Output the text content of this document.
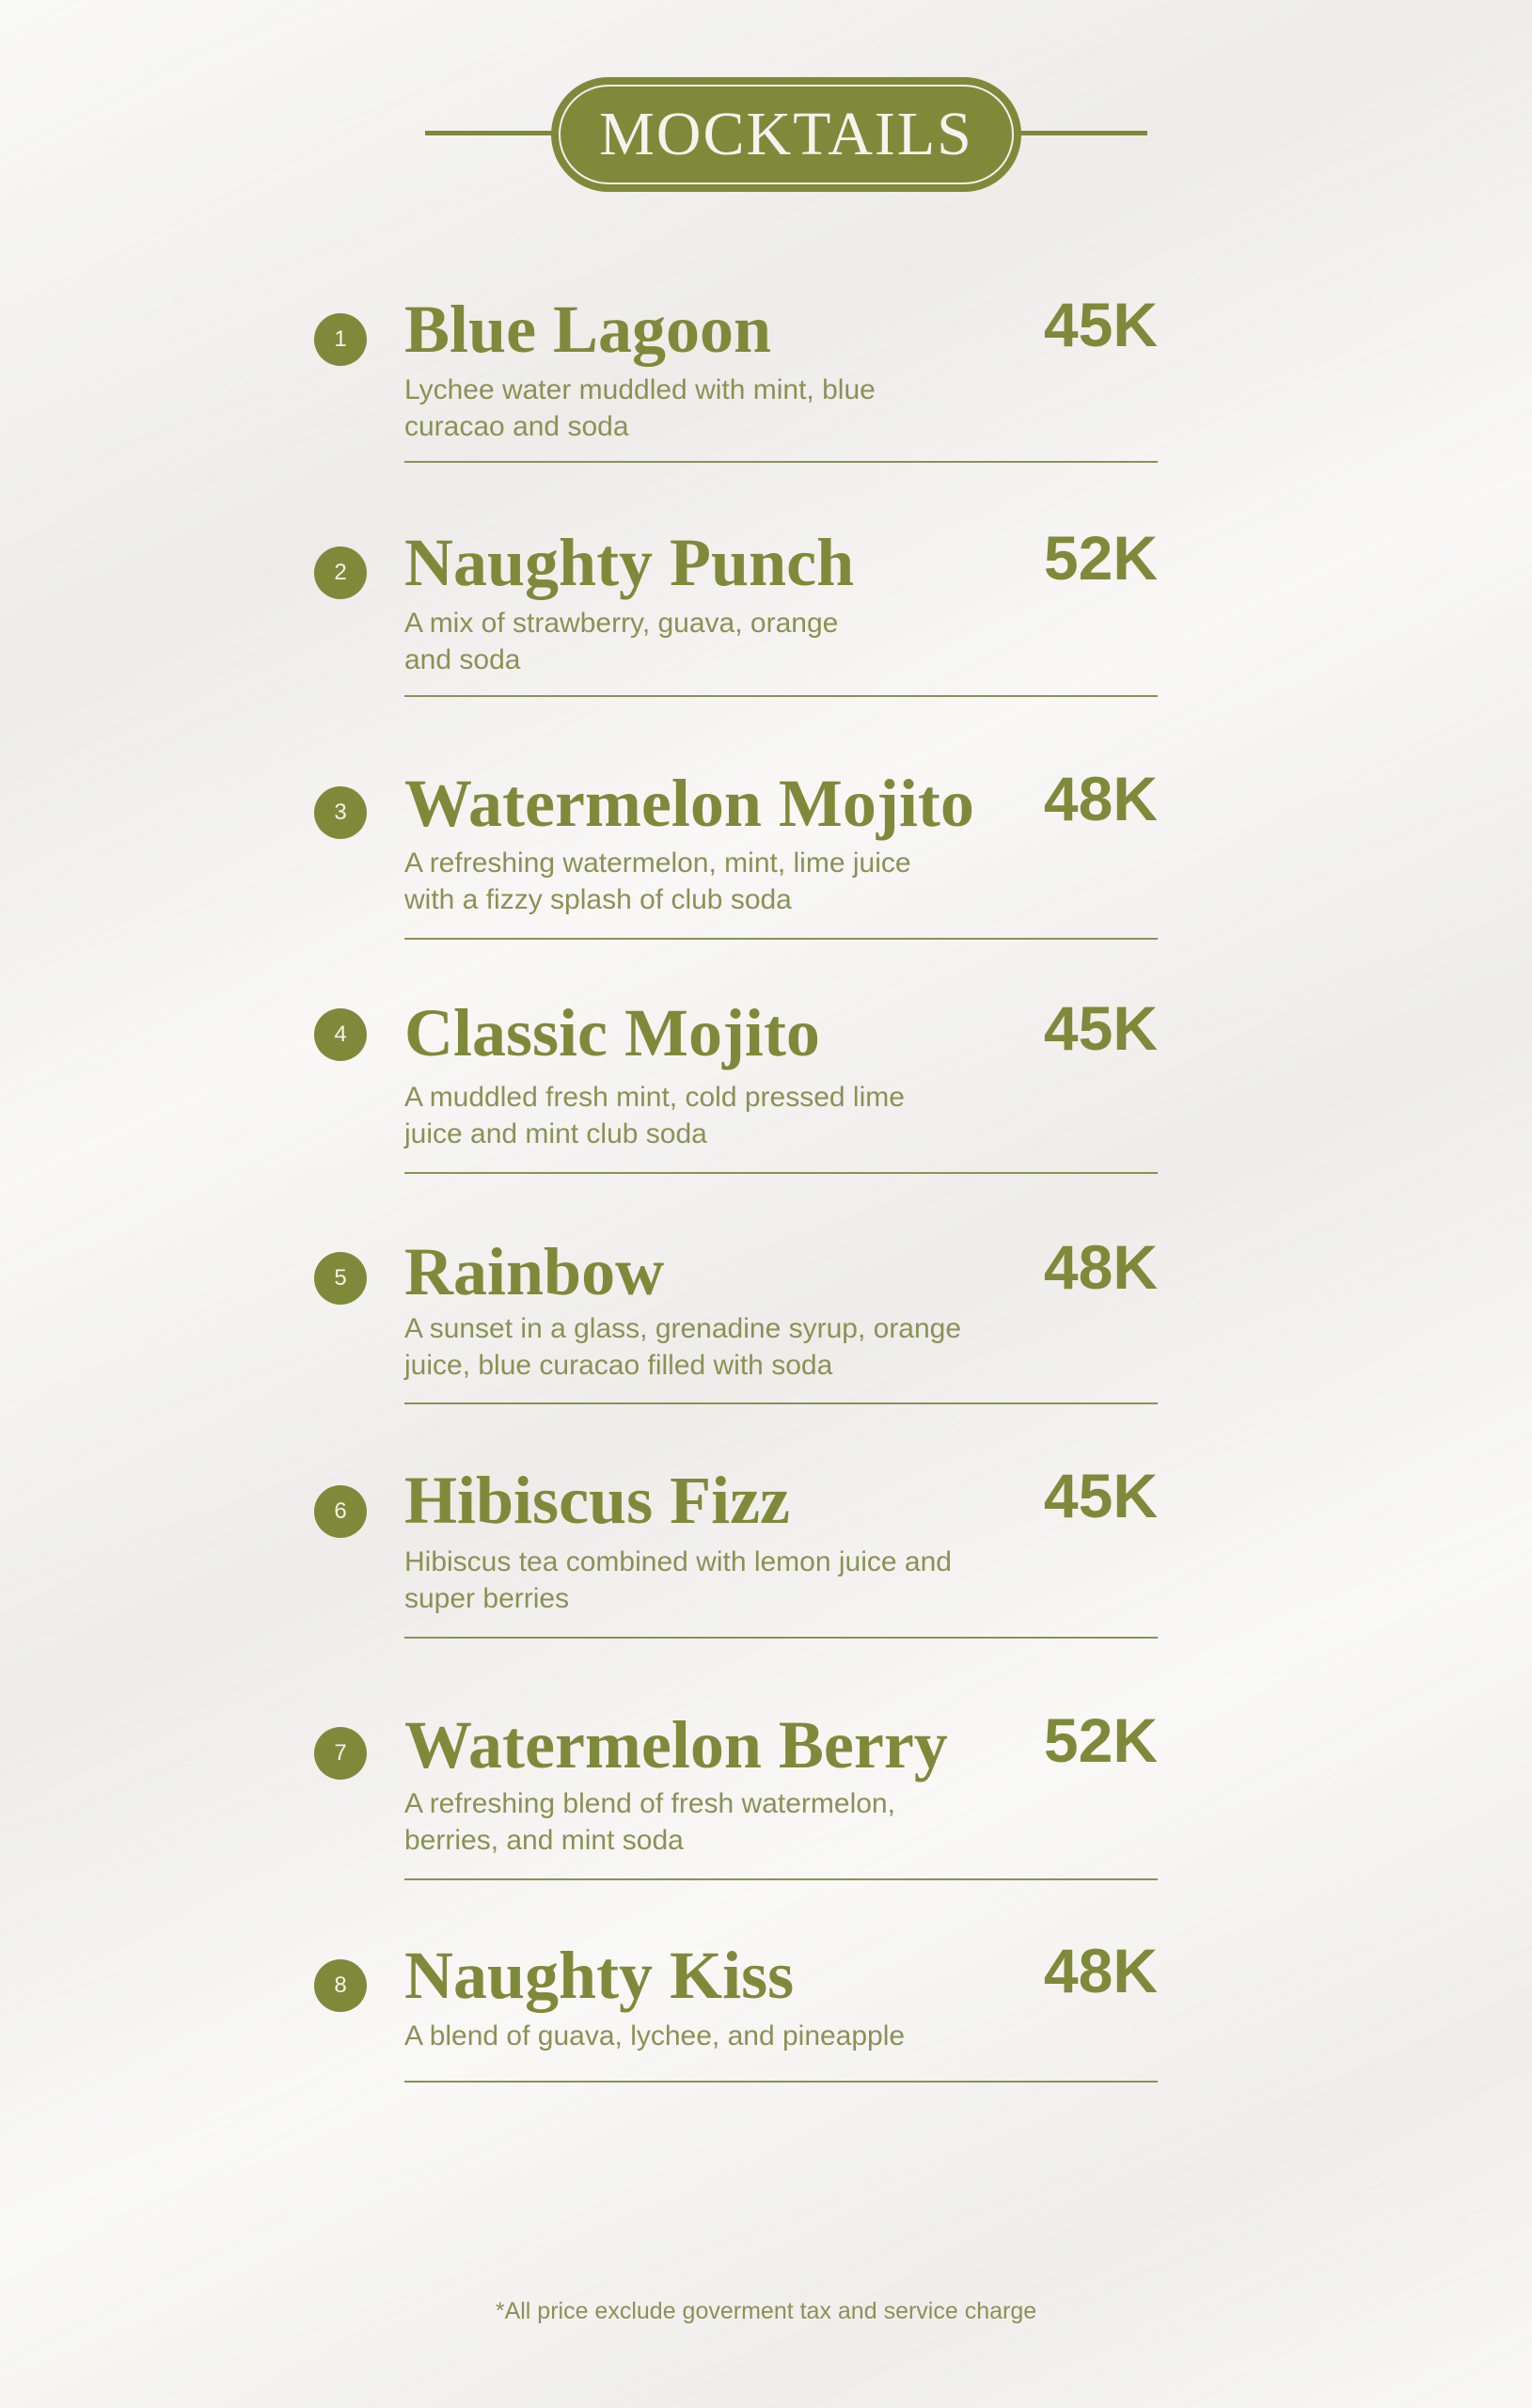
MOCKTAILS
1 Blue Lagoon	45K
Lychee water muddled with mint, blue
curacao and soda
2 Naughty Punch	52K
A mix of strawberry, guava, orange
and soda
3 Watermelon Mojito 48K
A refreshing watermelon, mint, lime juice
with a fizzy splash of club soda
4 Classic Mojito	45K
A muddled fresh mint, cold pressed lime
juice and mint club soda
5 Rainbow	48K
A sunset in a glass, grenadine syrup, orange
juice, blue curacao filled with soda
6 Hibiscus Fizz	45K
Hibiscus tea combined with lemon juice and
super berries
7 Watermelon Berry 52K
A refreshing blend of fresh watermelon,
berries, and mint soda
8 Naughty Kiss	48K
A blend of guava, lychee, and pineapple
*All price exclude goverment tax and service charge
